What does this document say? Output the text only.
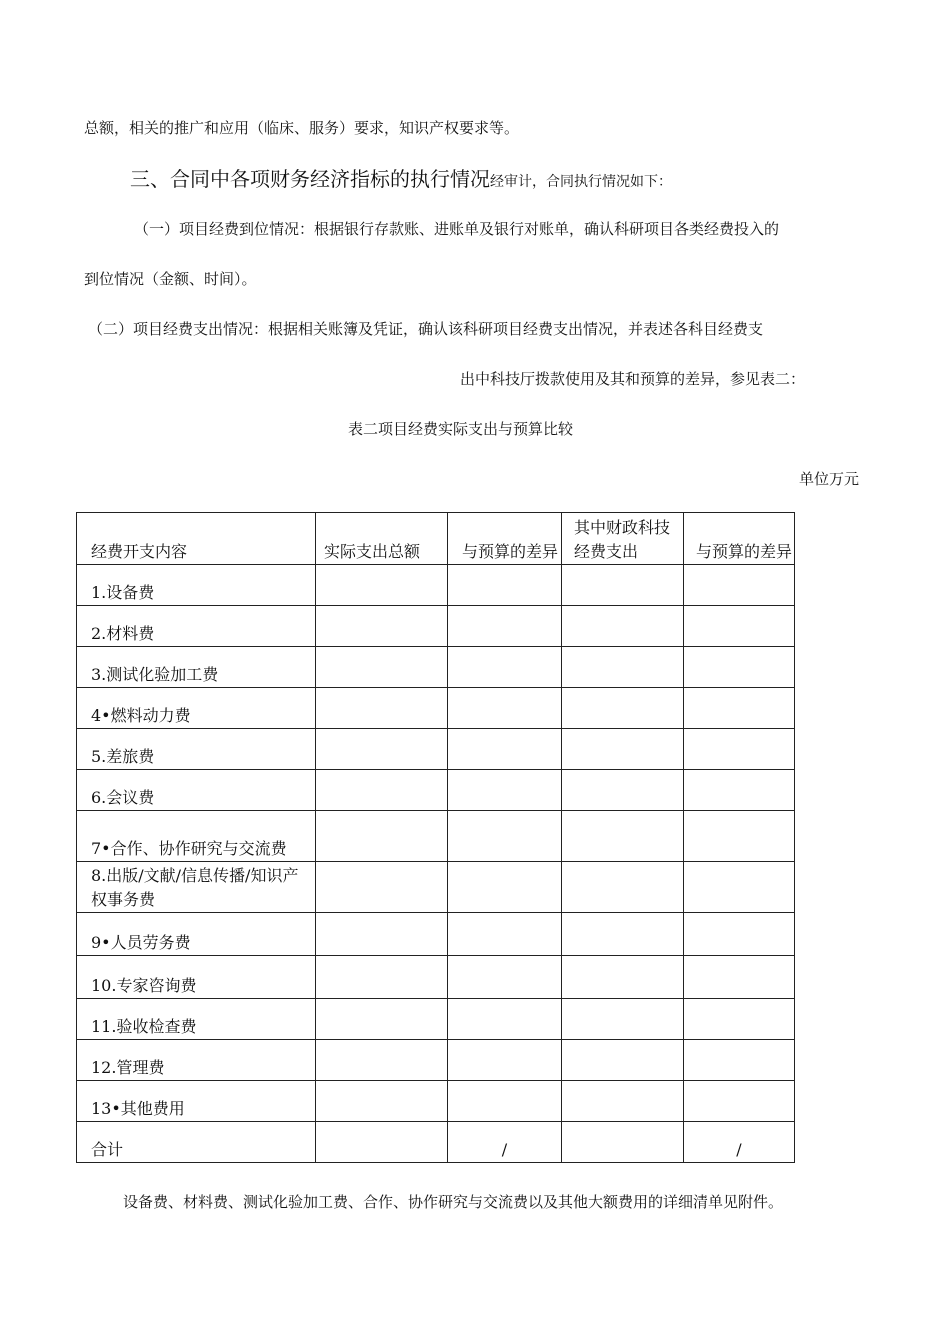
总额，相关的推广和应用（临床、服务）要求，知识产权要求等。
三、合同中各项财务经济指标的执行情况经审计，合同执行情况如下：
（一）项目经费到位情况：根据银行存款账、进账单及银行对账单，确认科研项目各类经费投入的
到位情况（金额、时间）。
（二）项目经费支出情况：根据相关账簿及凭证，确认该科研项目经费支出情况，并表述各科目经费支
出中科技厅拨款使用及其和预算的差异，参见表二：
表二项目经费实际支出与预算比较
单位万元
经费开支内容	实际支出总额	与预算的差异	其中财政科技经费支出	与预算的差异
1.设备费				
2.材料费				
3.测试化验加工费				
4•燃料动力费				
5.差旅费				
6.会议费				
7•合作、协作研究与交流费				
8.出版/文献/信息传播/知识产权事务费				
9•人员劳务费				
10.专家咨询费				
11.验收检查费				
12.管理费				
13•其他费用				
合计		/		/
设备费、材料费、测试化验加工费、合作、协作研究与交流费以及其他大额费用的详细清单见附件。
